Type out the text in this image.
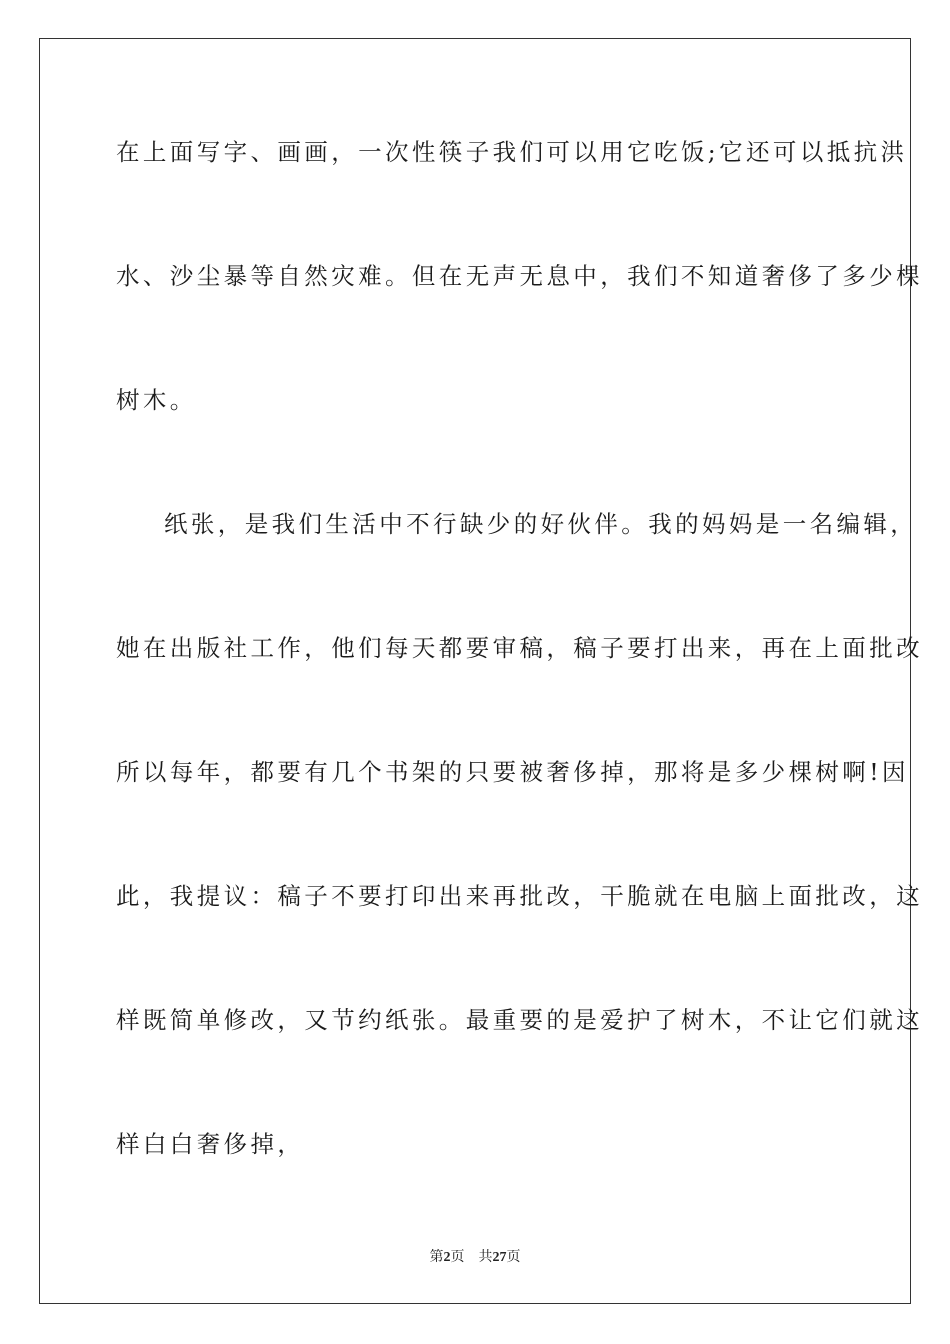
在上面写字、画画，一次性筷子我们可以用它吃饭;它还可以抵抗洪
水、沙尘暴等自然灾难。但在无声无息中，我们不知道奢侈了多少棵
树木。
纸张，是我们生活中不行缺少的好伙伴。我的妈妈是一名编辑，
她在出版社工作，他们每天都要审稿，稿子要打出来，再在上面批改
所以每年，都要有几个书架的只要被奢侈掉，那将是多少棵树啊!因
此，我提议：稿子不要打印出来再批改，干脆就在电脑上面批改，这
样既简单修改，又节约纸张。最重要的是爱护了树木，不让它们就这
样白白奢侈掉，
第2页 共27页
